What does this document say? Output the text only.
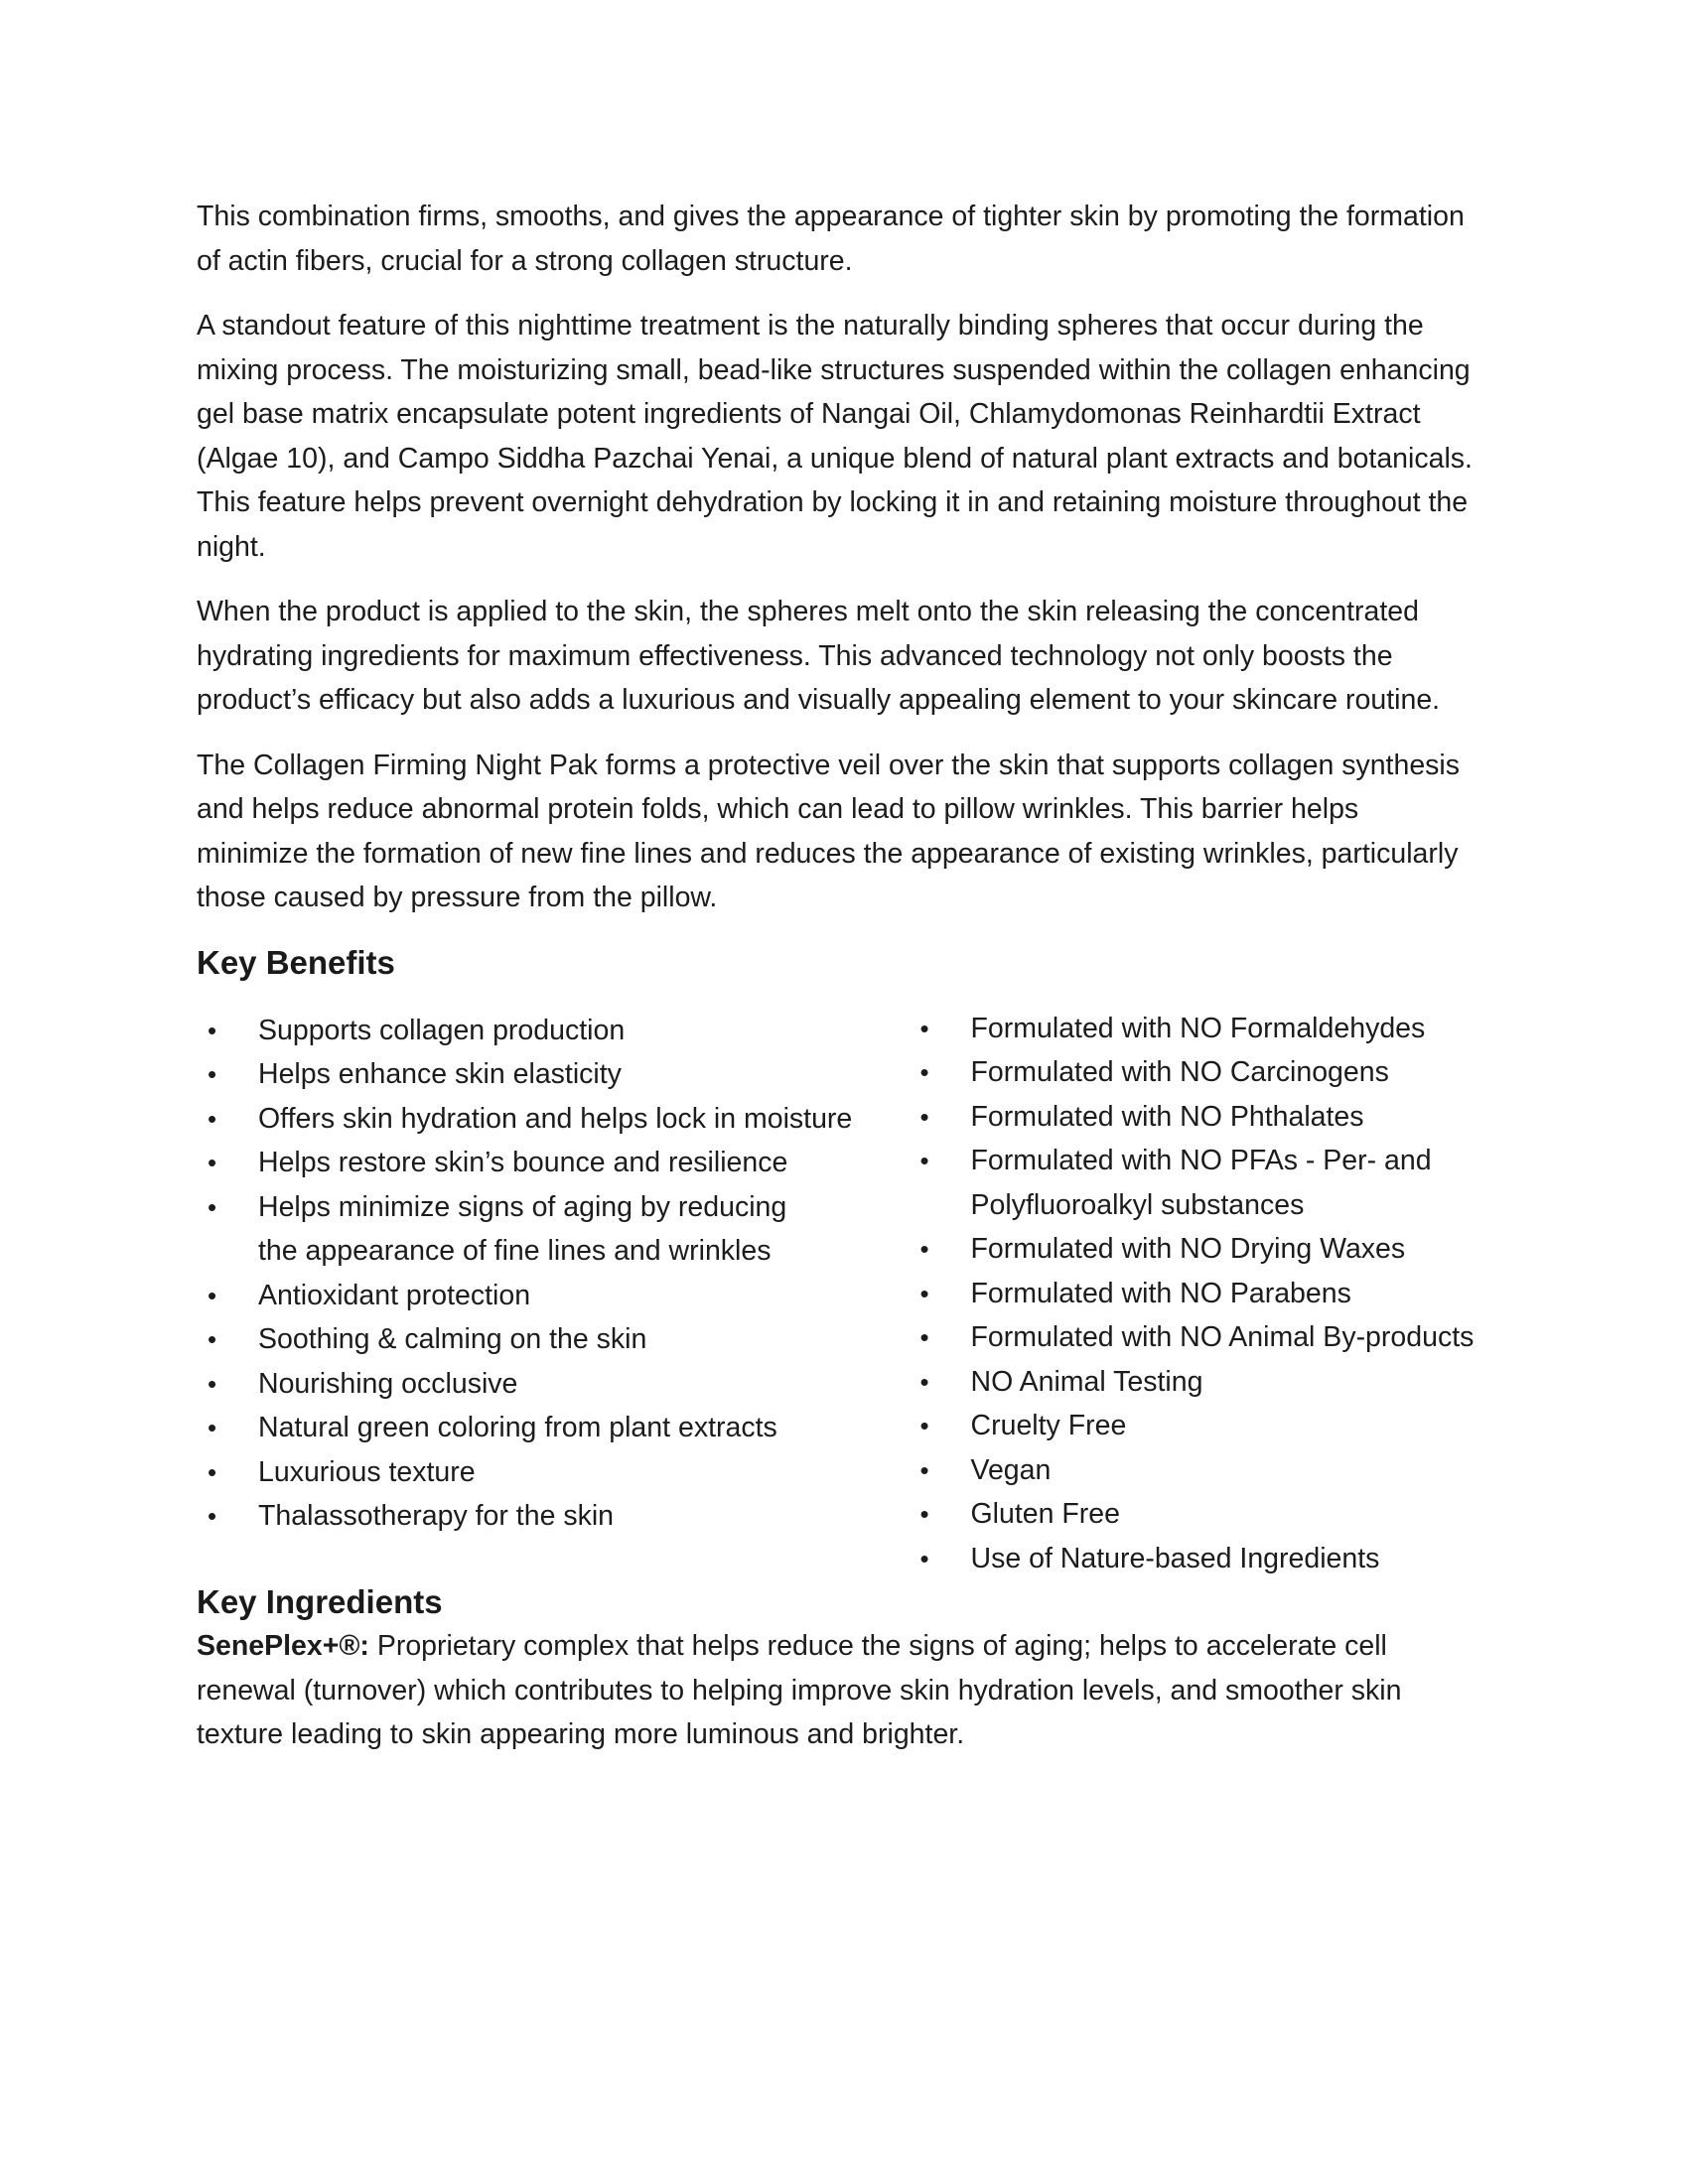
This combination firms, smooths, and gives the appearance of tighter skin by promoting the formation of actin fibers, crucial for a strong collagen structure.

A standout feature of this nighttime treatment is the naturally binding spheres that occur during the mixing process. The moisturizing small, bead-like structures suspended within the collagen enhancing gel base matrix encapsulate potent ingredients of Nangai Oil, Chlamydomonas Reinhardtii Extract (Algae 10), and Campo Siddha Pazchai Yenai, a unique blend of natural plant extracts and botanicals. This feature helps prevent overnight dehydration by locking it in and retaining moisture throughout the night.

When the product is applied to the skin, the spheres melt onto the skin releasing the concentrated hydrating ingredients for maximum effectiveness. This advanced technology not only boosts the product’s efficacy but also adds a luxurious and visually appealing element to your skincare routine.

The Collagen Firming Night Pak forms a protective veil over the skin that supports collagen synthesis and helps reduce abnormal protein folds, which can lead to pillow wrinkles. This barrier helps minimize the formation of new fine lines and reduces the appearance of existing wrinkles, particularly those caused by pressure from the pillow.

Key Benefits
•	Supports collagen production
•	Helps enhance skin elasticity
•	Offers skin hydration and helps lock in moisture
•	Helps restore skin’s bounce and resilience
•	Helps minimize signs of aging by reducing the appearance of fine lines and wrinkles
•	Antioxidant protection
•	Soothing & calming on the skin
•	Nourishing occlusive
•	Natural green coloring from plant extracts
•	Luxurious texture
•	Thalassotherapy for the skin
•	Formulated with NO Formaldehydes
•	Formulated with NO Carcinogens
•	Formulated with NO Phthalates
•	Formulated with NO PFAs - Per- and Polyfluoroalkyl substances
•	Formulated with NO Drying Waxes
•	Formulated with NO Parabens
•	Formulated with NO Animal By-products
•	NO Animal Testing
•	Cruelty Free
•	Vegan
•	Gluten Free
•	Use of Nature-based Ingredients
Key Ingredients

SenePlex+®: Proprietary complex that helps reduce the signs of aging; helps to accelerate cell renewal (turnover) which contributes to helping improve skin hydration levels, and smoother skin texture leading to skin appearing more luminous and brighter.
